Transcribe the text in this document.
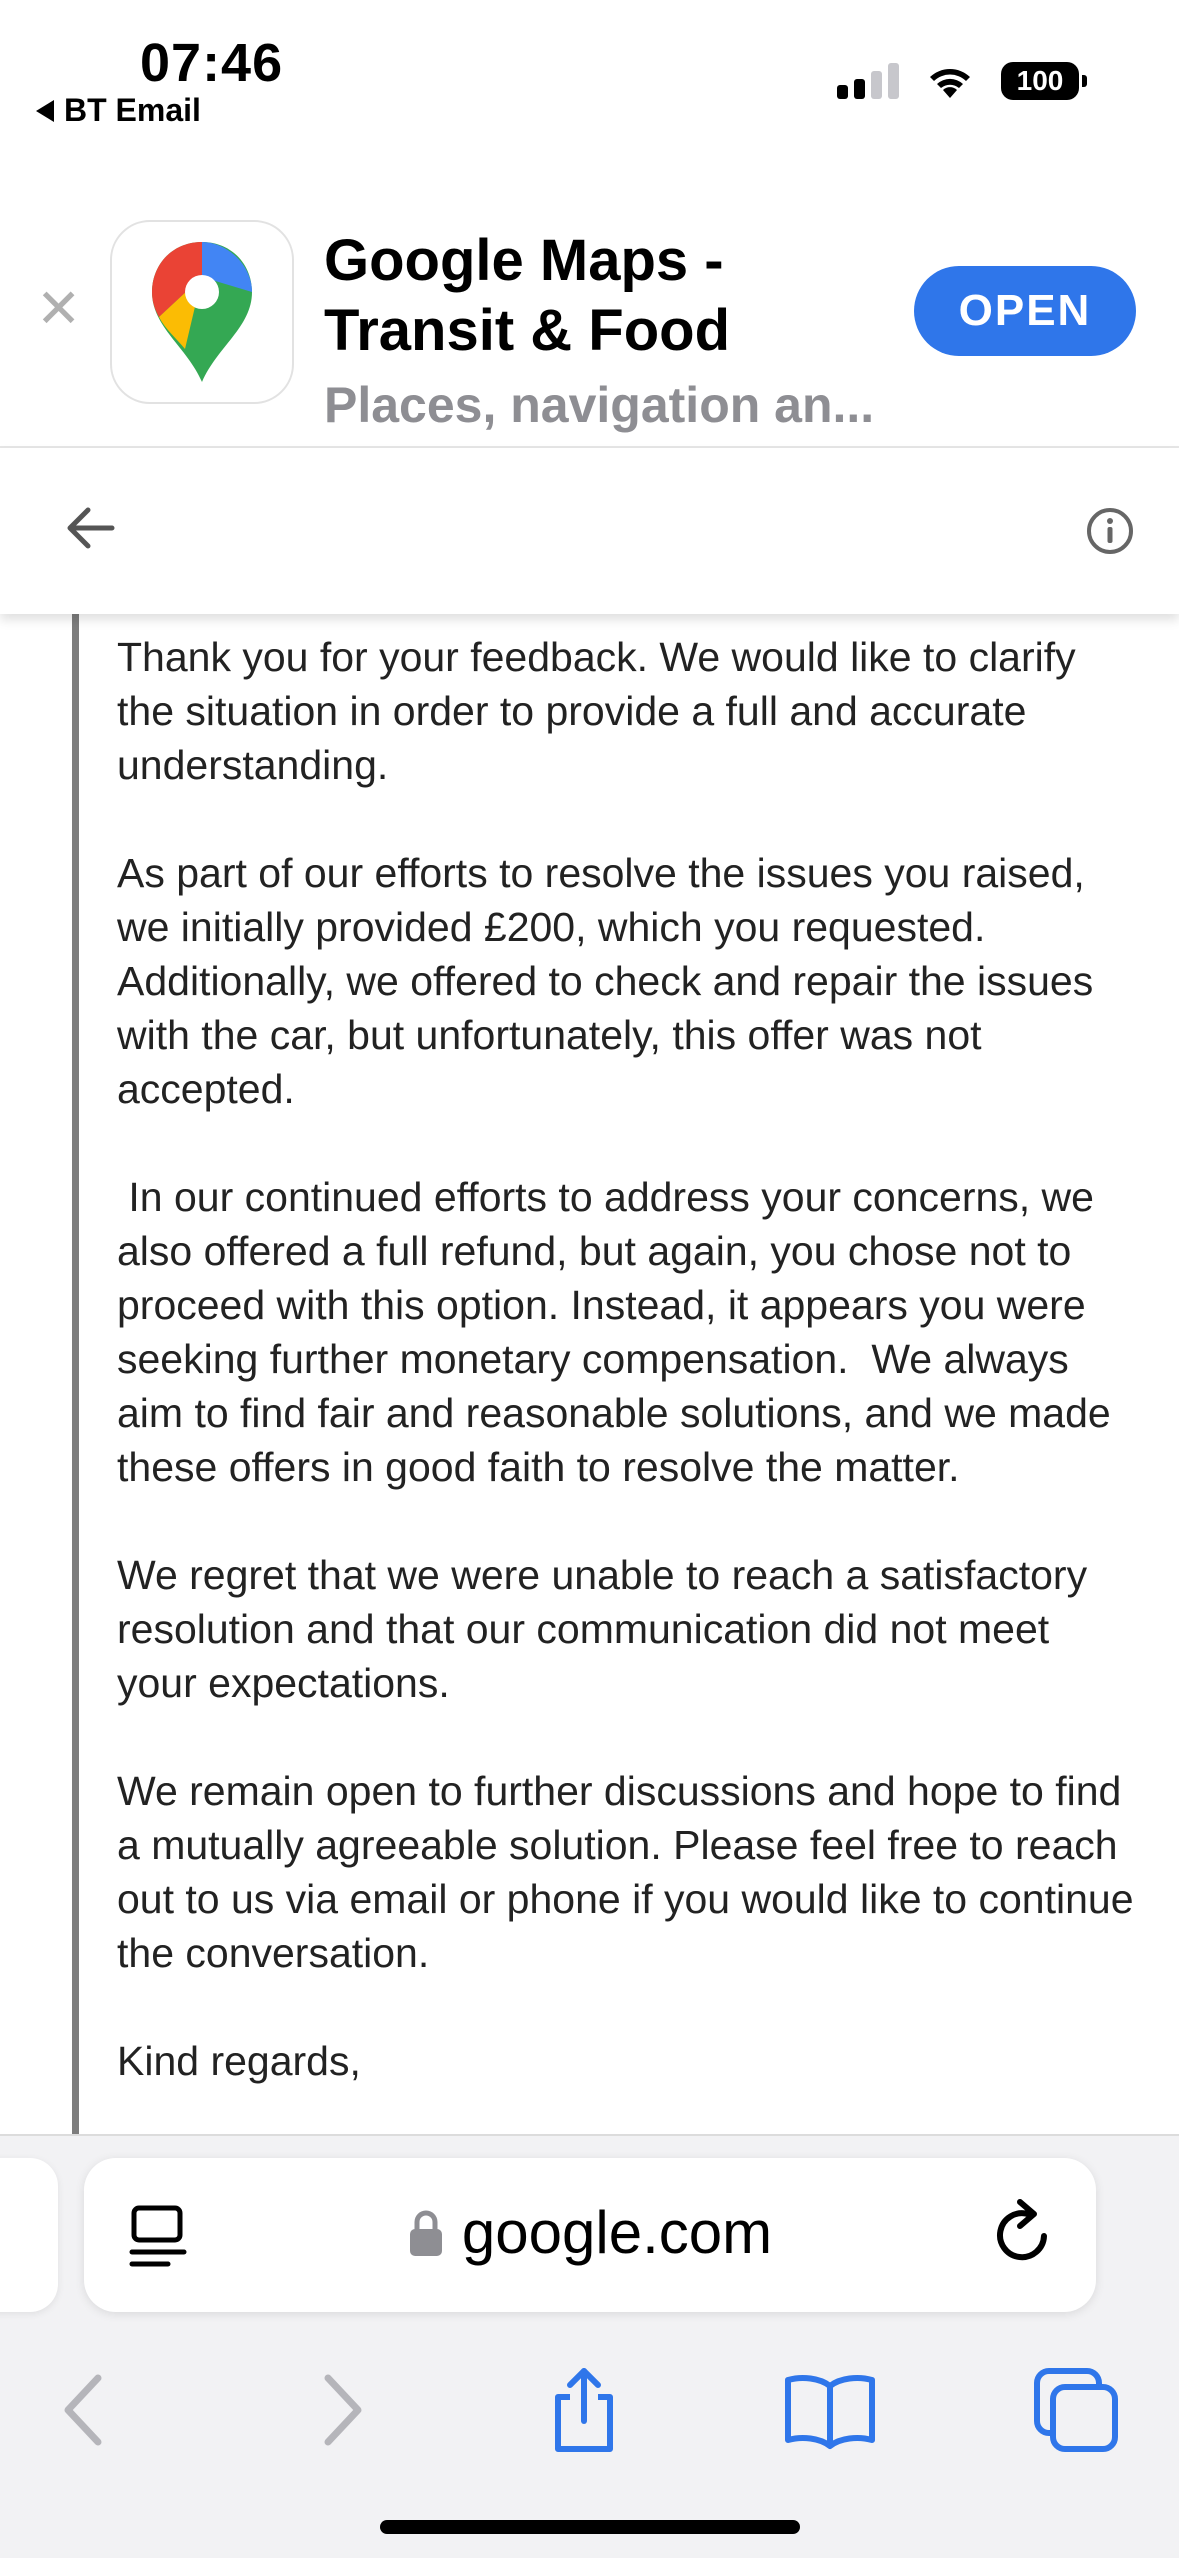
07:46
BT Email
100
✕
Google Maps - Transit & Food
Places, navigation an...
OPEN

Thank you for your feedback. We would like to clarify the situation in order to provide a full and accurate understanding.

As part of our efforts to resolve the issues you raised, we initially provided £200, which you requested. Additionally, we offered to check and repair the issues with the car, but unfortunately, this offer was not accepted.

In our continued efforts to address your concerns, we also offered a full refund, but again, you chose not to proceed with this option. Instead, it appears you were seeking further monetary compensation.  We always aim to find fair and reasonable solutions, and we made these offers in good faith to resolve the matter.

We regret that we were unable to reach a satisfactory resolution and that our communication did not meet your expectations.

We remain open to further discussions and hope to find a mutually agreeable solution. Please feel free to reach out to us via email or phone if you would like to continue the conversation.

Kind regards,

google.com
